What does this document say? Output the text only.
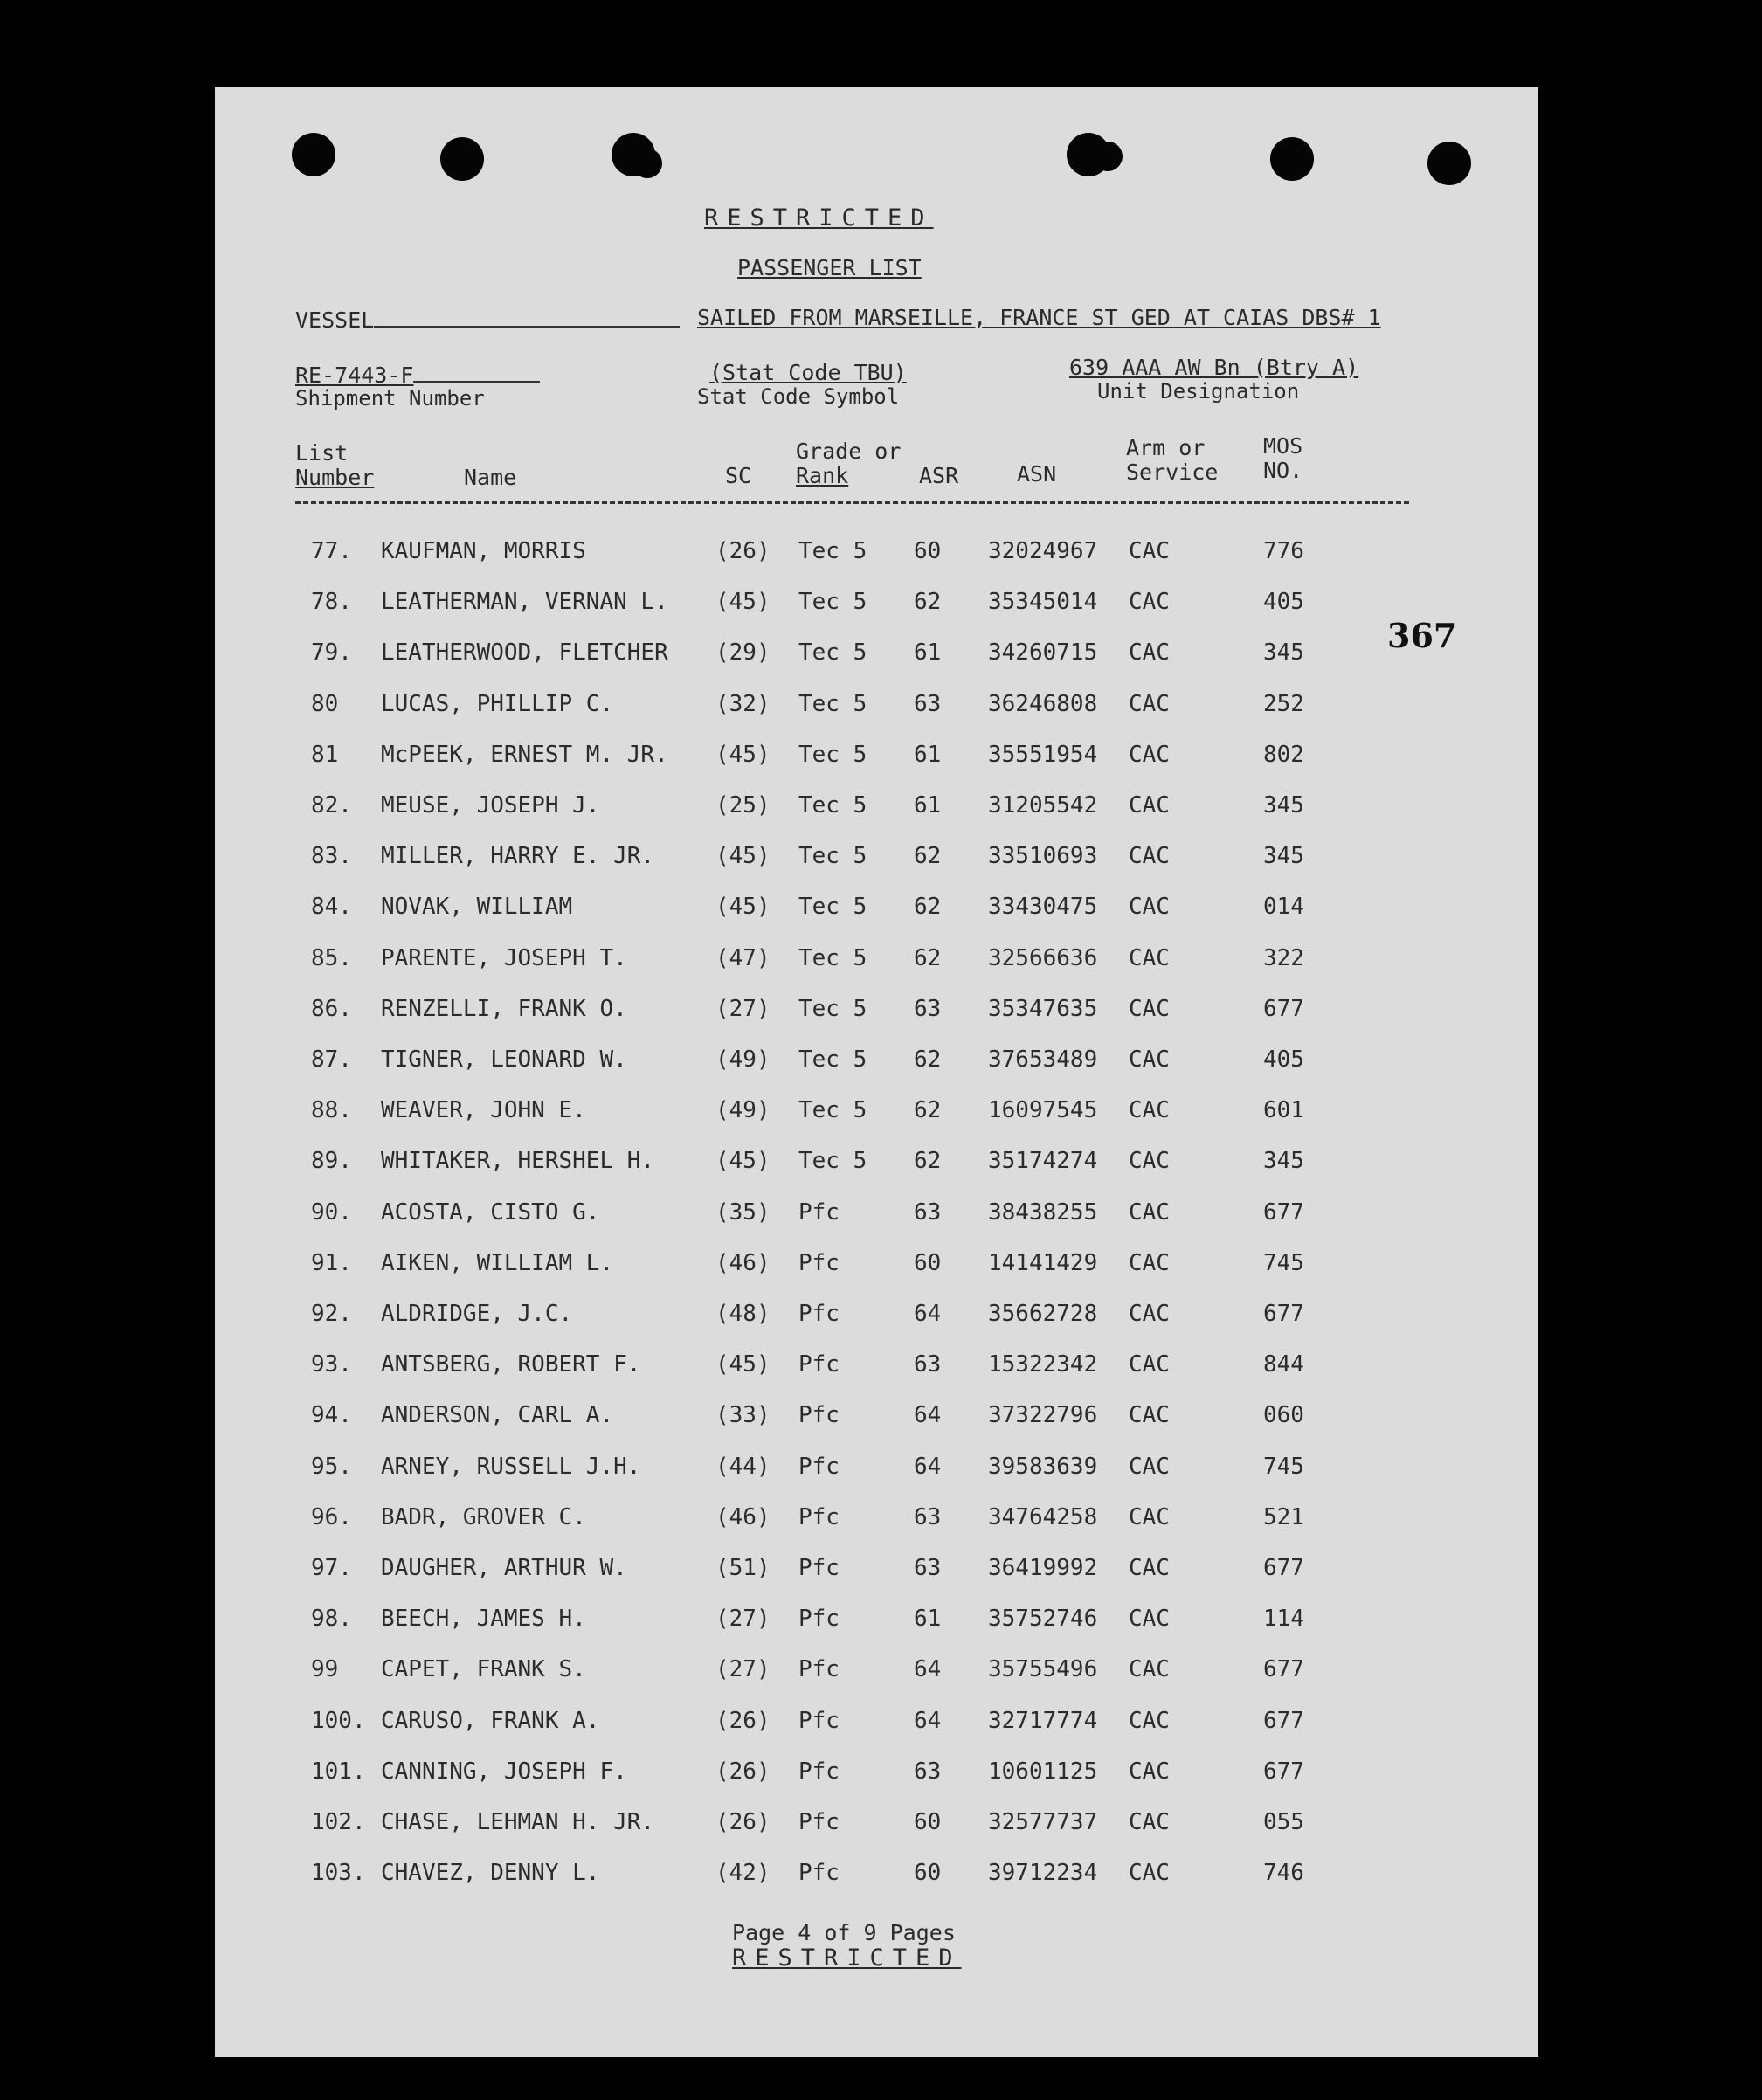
367
RESTRICTED
PASSENGER LIST
VESSEL	SAILED FROM MARSEILLE, FRANCE ST GED AT CAIAS DBS# 1
RE-7443-F
Shipment Number
(Stat Code TBU)
Stat Code Symbol
639 AAA AW Bn (Btry A)
Unit Designation
List
Number	Name	SC
Grade or
Rank	ASR	ASN
Arm or
Service
MOS
NO.
77. KAUFMAN, MORRIS	(26) Tec 5 60 32024967 CAC	776
78. LEATHERMAN, VERNAN L. (45) Tec 5 62 35345014 CAC	405
79. LEATHERWOOD, FLETCHER (29) Tec 5 61 34260715 CAC	345
80 LUCAS, PHILLIP C.	(32) Tec 5 63 36246808 CAC	252
81 McPEEK, ERNEST M. JR. (45) Tec 5 61 35551954 CAC	802
82. MEUSE, JOSEPH J.	(25) Tec 5 61 31205542 CAC	345
83. MILLER, HARRY E. JR.	(45) Tec 5 62 33510693 CAC	345
84. NOVAK, WILLIAM	(45) Tec 5 62 33430475 CAC	014
85. PARENTE, JOSEPH T.	(47) Tec 5 62 32566636 CAC	322
86. RENZELLI, FRANK O.	(27) Tec 5 63 35347635 CAC	677
87. TIGNER, LEONARD W.	(49) Tec 5 62 37653489 CAC	405
88. WEAVER, JOHN E.	(49) Tec 5 62 16097545 CAC	601
89. WHITAKER, HERSHEL H.	(45) Tec 5 62 35174274 CAC	345
90. ACOSTA, CISTO G.	(35) Pfc	63 38438255 CAC	677
91. AIKEN, WILLIAM L.	(46) Pfc	60 14141429 CAC	745
92. ALDRIDGE, J.C.	(48) Pfc	64 35662728 CAC	677
93. ANTSBERG, ROBERT F.	(45) Pfc	63 15322342 CAC	844
94. ANDERSON, CARL A.	(33) Pfc	64 37322796 CAC	060
95. ARNEY, RUSSELL J.H.	(44) Pfc	64 39583639 CAC	745
96. BADR, GROVER C.	(46) Pfc	63 34764258 CAC	521
97. DAUGHER, ARTHUR W.	(51) Pfc	63 36419992 CAC	677
98. BEECH, JAMES H.	(27) Pfc	61 35752746 CAC	114
99 CAPET, FRANK S.	(27) Pfc	64 35755496 CAC	677
100. CARUSO, FRANK A.	(26) Pfc	64 32717774 CAC	677
101. CANNING, JOSEPH F.	(26) Pfc	63 10601125 CAC	677
102. CHASE, LEHMAN H. JR.	(26) Pfc	60 32577737 CAC	055
103. CHAVEZ, DENNY L.	(42) Pfc	60 39712234 CAC	746
Page 4 of 9 Pages
RESTRICTED
